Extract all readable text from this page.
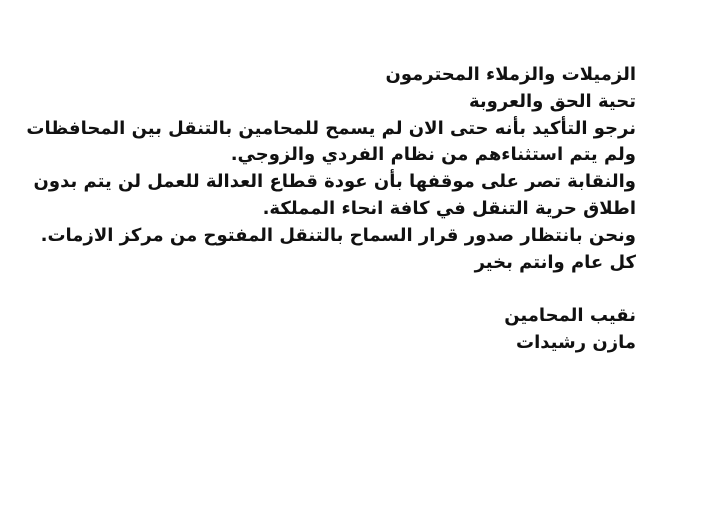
الزميلات والزملاء المحترمون
تحية الحق والعروبة
نرجو التأكيد بأنه حتى الان لم يسمح للمحامين بالتنقل بين المحافظات
ولم يتم استثناءهم من نظام الفردي والزوجي.
والنقابة تصر على موقفها بأن عودة قطاع العدالة للعمل لن يتم بدون
اطلاق حرية التنقل في كافة انحاء المملكة.
ونحن بانتظار صدور قرار السماح بالتنقل المفتوح من مركز الازمات.
كل عام وانتم بخير
نقيب المحامين
مازن رشيدات
